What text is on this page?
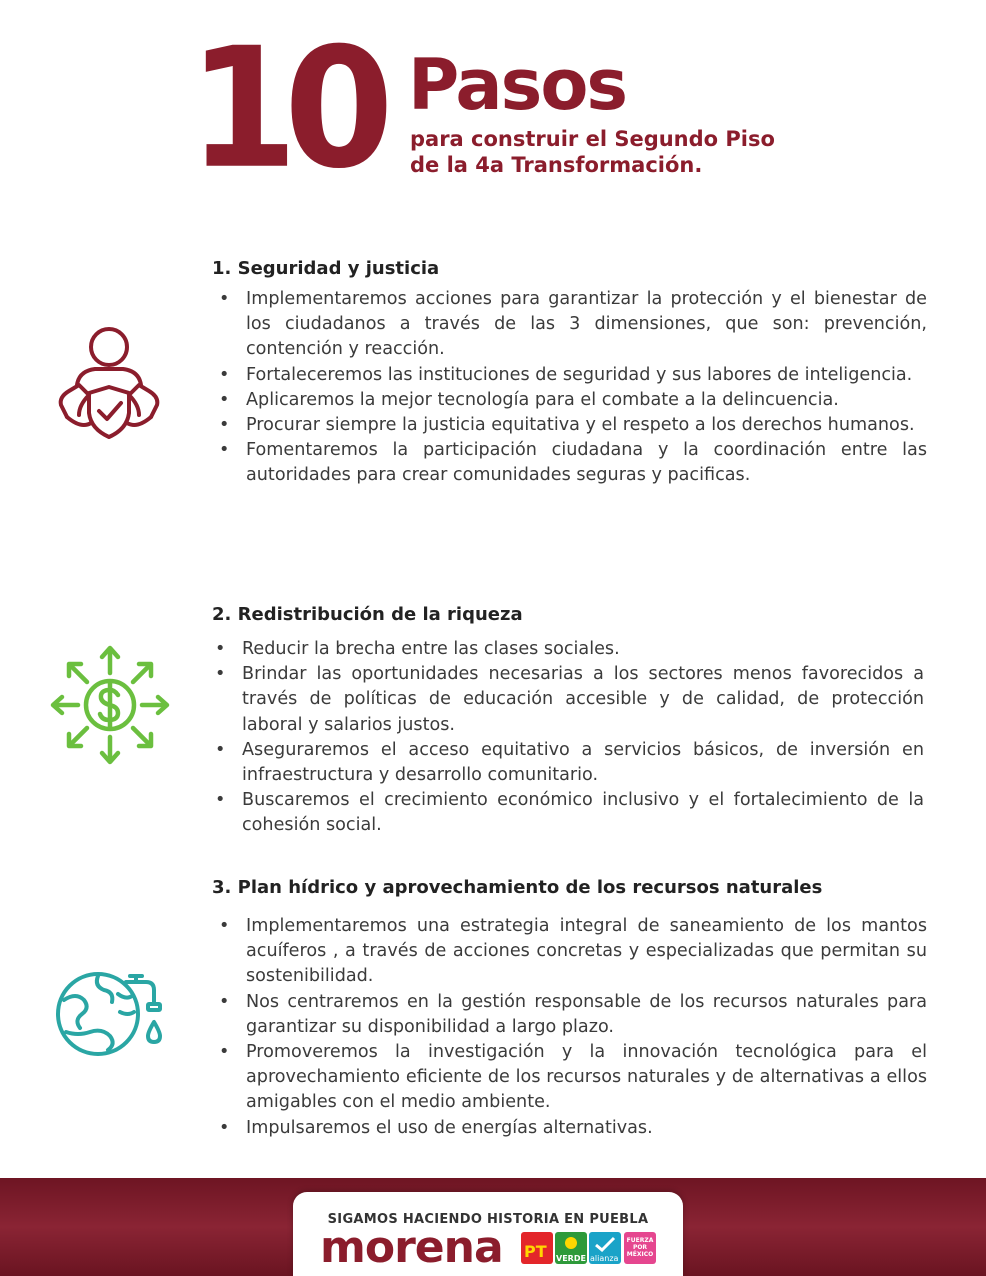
10 Pasos
para construir el Segundo Piso
de la 4a Transformación.
1. Seguridad y justicia
• Implementaremos acciones para garantizar la protección y el bienestar de los ciudadanos a través de las 3 dimensiones, que son: prevención, contención y reacción.
• Fortaleceremos las instituciones de seguridad y sus labores de inteligencia.
• Aplicaremos la mejor tecnología para el combate a la delincuencia.
• Procurar siempre la justicia equitativa y el respeto a los derechos humanos.
• Fomentaremos la participación ciudadana y la coordinación entre las autoridades para crear comunidades seguras y pacificas.
2. Redistribución de la riqueza
• Reducir la brecha entre las clases sociales.
• Brindar las oportunidades necesarias a los sectores menos favorecidos a través de políticas de educación accesible y de calidad, de protección laboral y salarios justos.
• Aseguraremos el acceso equitativo a servicios básicos, de inversión en infraestructura y desarrollo comunitario.
• Buscaremos el crecimiento económico inclusivo y el fortalecimiento de la cohesión social.
3. Plan hídrico y aprovechamiento de los recursos naturales
• Implementaremos una estrategia integral de saneamiento de los mantos acuíferos , a través de acciones concretas y especializadas que permitan su sostenibilidad.
• Nos centraremos en la gestión responsable de los recursos naturales para garantizar su disponibilidad a largo plazo.
• Promoveremos la investigación y la innovación tecnológica para el aprovechamiento eficiente de los recursos naturales y de alternativas a ellos amigables con el medio ambiente.
• Impulsaremos el uso de energías alternativas.
SIGAMOS HACIENDO HISTORIA EN PUEBLA
morena PT VERDE alianza
FUERZA POR MÉXICO
